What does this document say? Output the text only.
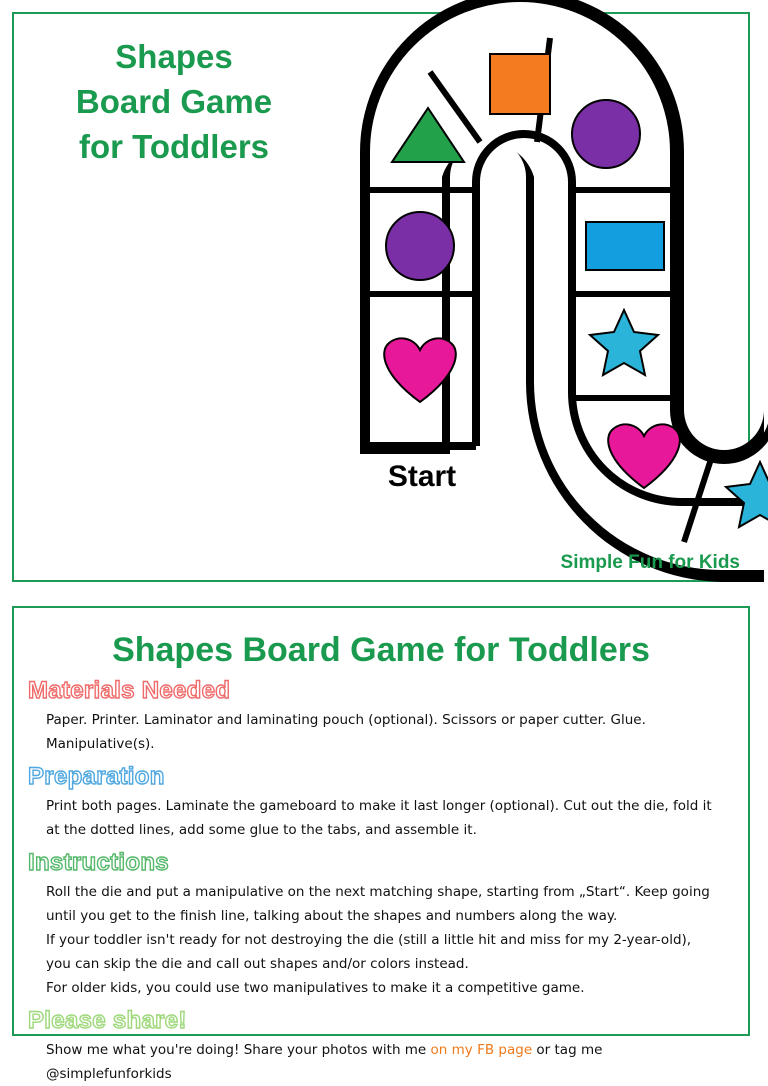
Shapes
Board Game
for Toddlers
Start
Simple Fun for Kids
Shapes Board Game for Toddlers
Materials Needed

Paper. Printer. Laminator and laminating pouch (optional). Scissors or paper cutter. Glue. Manipulative(s).

Preparation

Print both pages. Laminate the gameboard to make it last longer (optional). Cut out the die, fold it at the dotted lines, add some glue to the tabs, and assemble it.

Instructions

Roll the die and put a manipulative on the next matching shape, starting from „Start“. Keep going until you get to the finish line, talking about the shapes and numbers along the way.

If your toddler isn't ready for not destroying the die (still a little hit and miss for my 2-year-old), you can skip the die and call out shapes and/or colors instead.

For older kids, you could use two manipulatives to make it a competitive game.

Please share!

Show me what you're doing! Share your photos with me on my FB page or tag me @simplefunforkids
